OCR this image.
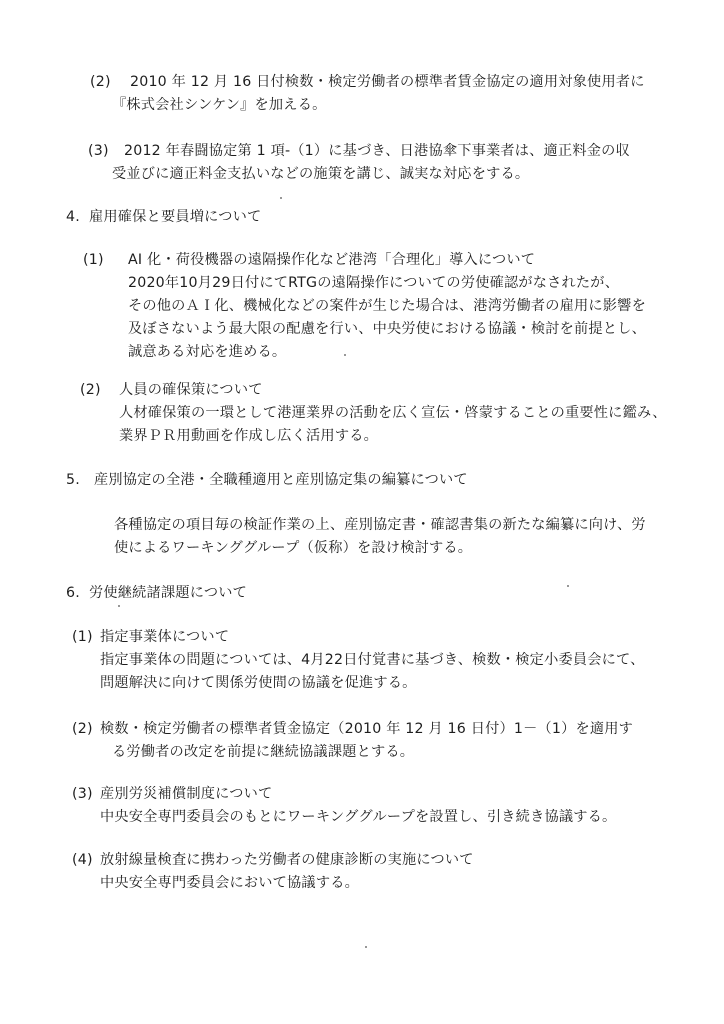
(2) 2010 年 12 月 16 日付検数・検定労働者の標準者賃金協定の適用対象使用者に
『株式会社シンケン』を加える。
(3) 2012 年春闘協定第 1 項-（1）に基づき、日港協傘下事業者は、適正料金の収
受並びに適正料金支払いなどの施策を講じ、誠実な対応をする。
4. 雇用確保と要員増について
(1) AI 化・荷役機器の遠隔操作化など港湾「合理化」導入について
2020年10月29日付にてRTGの遠隔操作についての労使確認がなされたが、
その他のＡＩ化、機械化などの案件が生じた場合は、港湾労働者の雇用に影響を
及ぼさないよう最大限の配慮を行い、中央労使における協議・検討を前提とし、
誠意ある対応を進める。
(2) 人員の確保策について
人材確保策の一環として港運業界の活動を広く宣伝・啓蒙することの重要性に鑑み、
業界ＰＲ用動画を作成し広く活用する。
5. 産別協定の全港・全職種適用と産別協定集の編纂について
各種協定の項目毎の検証作業の上、産別協定書・確認書集の新たな編纂に向け、労
使によるワーキンググループ（仮称）を設け検討する。
6. 労使継続諸課題について
(1) 指定事業体について
指定事業体の問題については、4月22日付覚書に基づき、検数・検定小委員会にて、
問題解決に向けて関係労使間の協議を促進する。
(2) 検数・検定労働者の標準者賃金協定（2010 年 12 月 16 日付）1－（1）を適用す
る労働者の改定を前提に継続協議課題とする。
(3) 産別労災補償制度について
中央安全専門委員会のもとにワーキンググループを設置し、引き続き協議する。
(4) 放射線量検査に携わった労働者の健康診断の実施について
中央安全専門委員会において協議する。
